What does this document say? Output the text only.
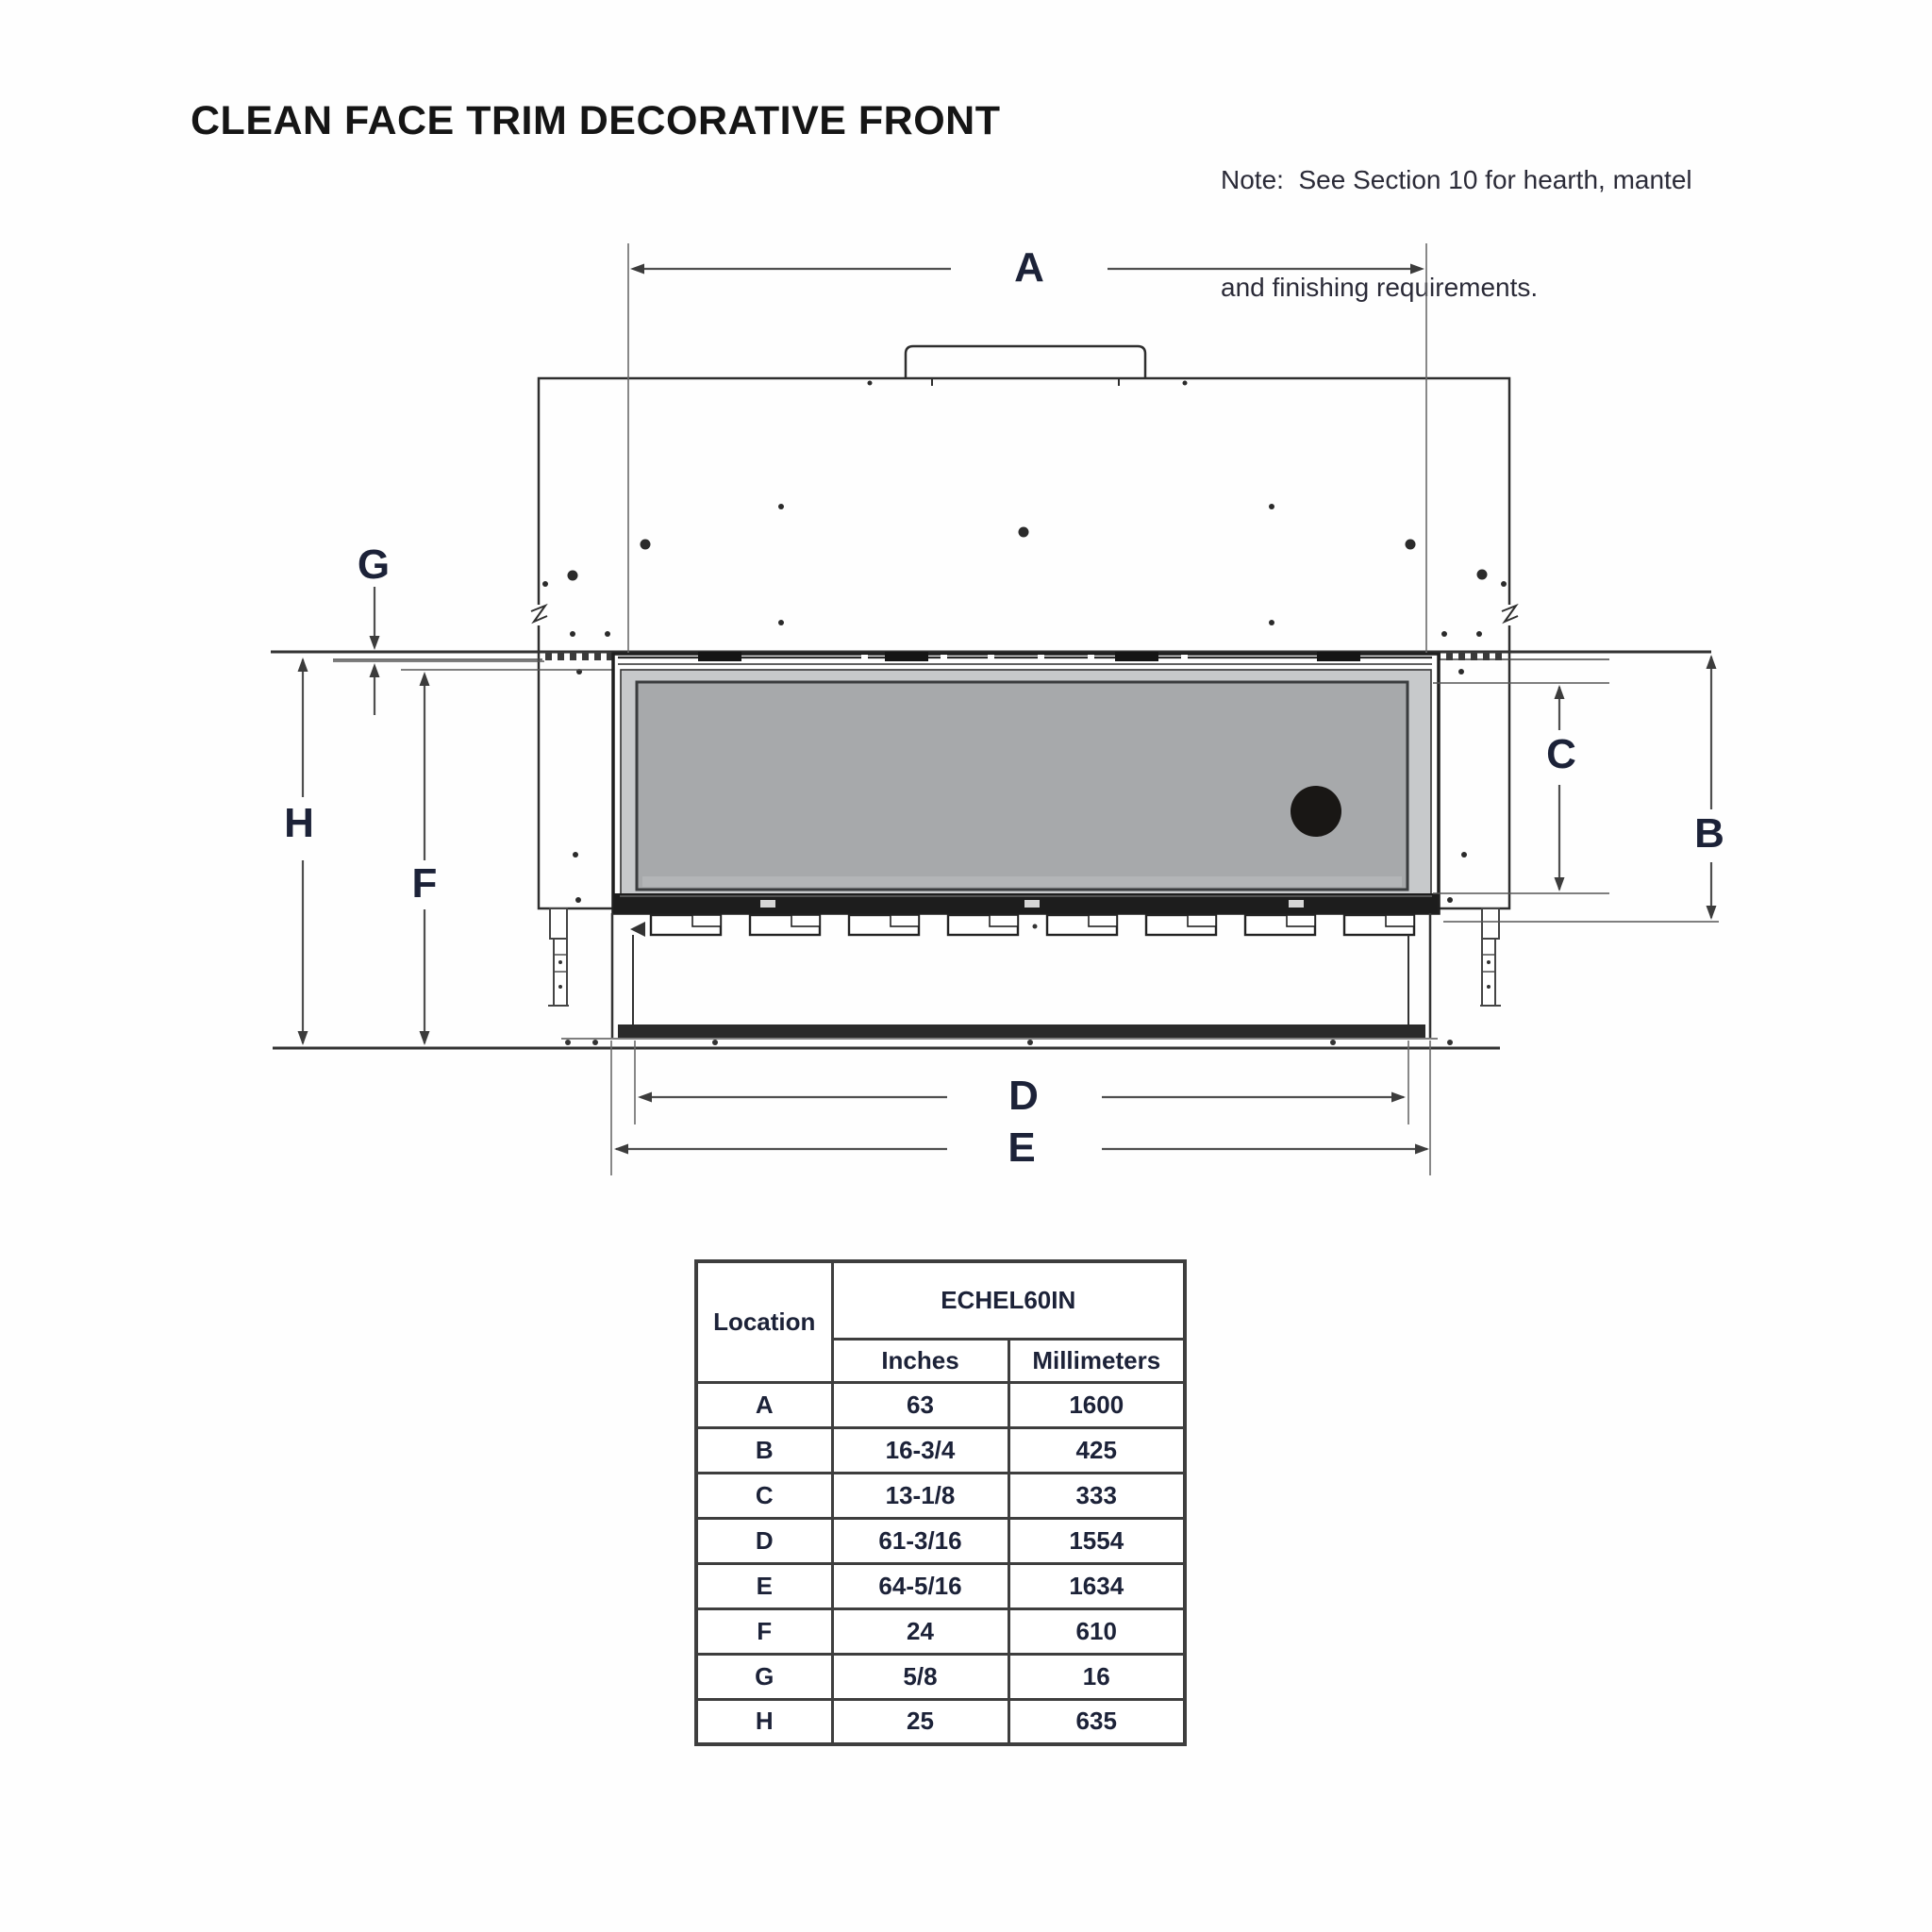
CLEAN FACE TRIM DECORATIVE FRONT

Note:  See Section 10 for hearth, mantel

and finishing requirements.

A
G
H
F
C
B
D
E
Location	ECHEL60IN	
	Inches	Millimeters
A	63	1600
B	16-3/4	425
C	13-1/8	333
D	61-3/16	1554
E	64-5/16	1634
F	24	610
G	5/8	16
H	25	635
